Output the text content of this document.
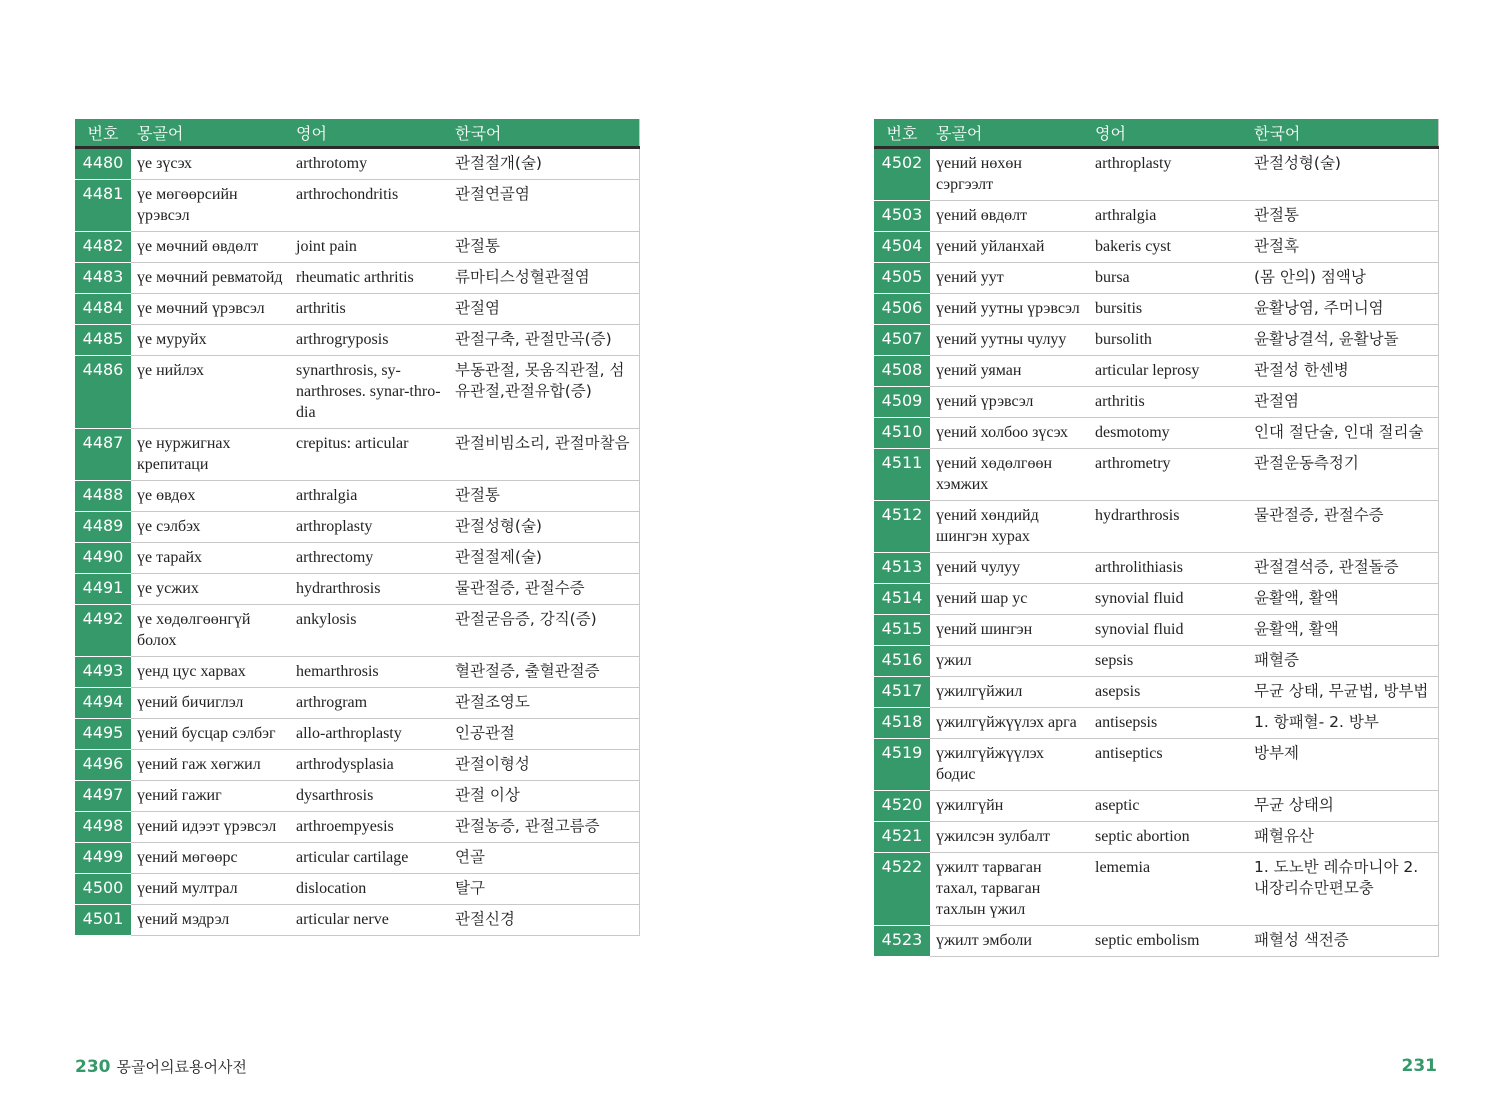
번호	몽골어	영어	한국어
4480	үе зүсэх	arthrotomy	관절절개(술)
4481	үе мөгөөрсийн үрэвсэл	arthrochondritis	관절연골염
4482	үе мөчний өвдөлт	joint pain	관절통
4483	үе мөчний ревматойд	rheumatic arthritis	류마티스성혈관절염
4484	үе мөчний үрэвсэл	arthritis	관절염
4485	үе муруйх	arthrogryposis	관절구축, 관절만곡(증)
4486	үе нийлэх	synarthrosis, sy-narthroses. synar-thro-dia	부동관절, 못움직관절, 섬유관절,관절유합(증)
4487	үе нуржигнах крепитаци	crepitus: articular	관절비빔소리, 관절마찰음
4488	үе өвдөх	arthralgia	관절통
4489	үе сэлбэх	arthroplasty	관절성형(술)
4490	үе тарайх	arthrectomy	관절절제(술)
4491	үе усжих	hydrarthrosis	물관절증, 관절수증
4492	үе хөдөлгөөнгүй болох	ankylosis	관절굳음증, 강직(증)
4493	үенд цус харвах	hemarthrosis	혈관절증, 출혈관절증
4494	үений бичиглэл	arthrogram	관절조영도
4495	үений бусцар сэлбэг	allo-arthroplasty	인공관절
4496	үений гаж хөгжил	arthrodysplasia	관절이형성
4497	үений гажиг	dysarthrosis	관절 이상
4498	үений идээт үрэвсэл	arthroempyesis	관절농증, 관절고름증
4499	үений мөгөөрс	articular cartilage	연골
4500	үений мултрал	dislocation	탈구
4501	үений мэдрэл	articular nerve	관절신경
번호	몽골어	영어	한국어
4502	үений нөхөн сэргээлт	arthroplasty	관절성형(술)
4503	үений өвдөлт	arthralgia	관절통
4504	үений уйланхай	bakeris cyst	관절혹
4505	үений уут	bursa	(몸 안의) 점액낭
4506	үений уутны үрэвсэл	bursitis	윤활낭염, 주머니염
4507	үений уутны чулуу	bursolith	윤활낭결석, 윤활낭돌
4508	үений уяман	articular leprosy	관절성 한센병
4509	үений үрэвсэл	arthritis	관절염
4510	үений холбоо зүсэх	desmotomy	인대 절단술, 인대 절리술
4511	үений хөдөлгөөн хэмжих	arthrometry	관절운동측정기
4512	үений хөндийд шингэн хурах	hydrarthrosis	물관절증, 관절수증
4513	үений чулуу	arthrolithiasis	관절결석증, 관절돌증
4514	үений шар ус	synovial fluid	윤활액, 활액
4515	үений шингэн	synovial fluid	윤활액, 활액
4516	үжил	sepsis	패혈증
4517	үжилгүйжил	asepsis	무균 상태, 무균법, 방부법
4518	үжилгүйжүүлэх арга	antisepsis	1. 항패혈- 2. 방부
4519	үжилгүйжүүлэх бодис	antiseptics	방부제
4520	үжилгүйн	aseptic	무균 상태의
4521	үжилсэн зулбалт	septic abortion	패혈유산
4522	үжилт тарваган тахал, тарваган тахлын үжил	lememia	1. 도노반 레슈마니아 2. 내장리슈만편모충
4523	үжилт эмболи	septic embolism	패혈성 색전증
230 몽골어의료용어사전	231
